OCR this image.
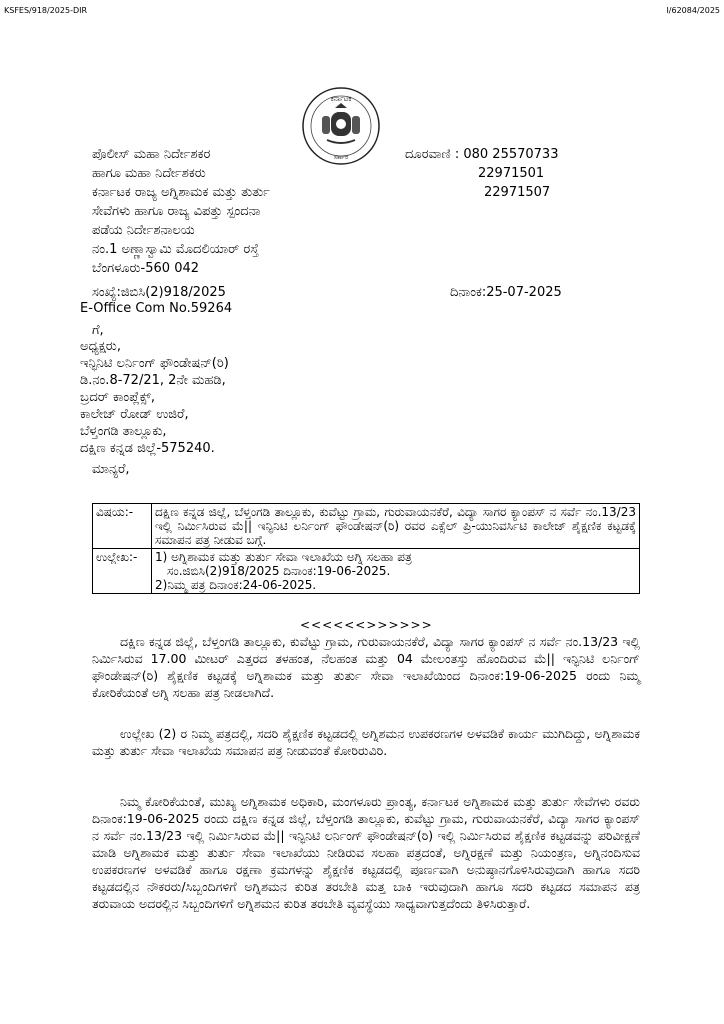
KSFES/918/2025-DIR	I/62084/2025
ಕರ್ನಾಟಕ
ಸರ್ಕಾರ
ಪೊಲೀಸ್ ಮಹಾ ನಿರ್ದೇಶಕರ
ಹಾಗೂ ಮಹಾ ನಿರ್ದೇಶಕರು
ಕರ್ನಾಟಕ ರಾಜ್ಯ ಅಗ್ನಿಶಾಮಕ ಮತ್ತು ತುರ್ತು
ಸೇವೆಗಳು ಹಾಗೂ ರಾಜ್ಯ ವಿಪತ್ತು ಸ್ಪಂದನಾ
ಪಡೆಯ ನಿರ್ದೇಶನಾಲಯ
ನಂ.1 ಅಣ್ಣಾಸ್ವಾಮಿ ಮೊದಲಿಯಾರ್ ರಸ್ತೆ
ಬೆಂಗಳೂರು-560 042
ದೂರವಾಣಿ : 080 25570733
22971501
22971507
ಸಂಖ್ಯೆ:ಜಿಬಿಸಿ(2)918/2025	ದಿನಾಂಕ:25-07-2025
E-Office Com No.59264
ಗೆ,
ಅಧ್ಯಕ್ಷರು,
ಇನ್ಫಿನಿಟಿ ಲರ್ನಿಂಗ್ ಫೌಂಡೇಷನ್(ರಿ)
ಡಿ.ನಂ.8-72/21, 2ನೇ ಮಹಡಿ,
ಬ್ರದರ್ ಕಾಂಪ್ಲೆಕ್ಸ್,
ಕಾಲೇಜ್ ರೋಡ್ ಉಜಿರೆ,
ಬೆಳ್ತಂಗಡಿ ತಾಲ್ಲೂಕು,
ದಕ್ಷಿಣ ಕನ್ನಡ ಜಿಲ್ಲೆ-575240.
ಮಾನ್ಯರೆ,
ವಿಷಯ:-	ದಕ್ಷಿಣ ಕನ್ನಡ ಜಿಲ್ಲೆ, ಬೆಳ್ತಂಗಡಿ ತಾಲ್ಲೂಕು, ಕುವೆಟ್ಟು ಗ್ರಾಮ, ಗುರುವಾಯನಕೆರೆ, ವಿದ್ಯಾ ಸಾಗರ ಕ್ಯಾಂಪಸ್ ನ ಸರ್ವೆ ನಂ.13/23 ಇಲ್ಲಿ ನಿರ್ಮಿಸಿರುವ ಮೆ|| ಇನ್ಫಿನಿಟಿ ಲರ್ನಿಂಗ್ ಫೌಂಡೇಷನ್(ರಿ) ರವರ ಎಕ್ಸೆಲ್ ಪ್ರಿ-ಯುನಿವರ್ಸಿಟಿ ಕಾಲೇಜ್ ಶೈಕ್ಷಣಿಕ ಕಟ್ಟಡಕ್ಕೆ ಸಮಾಪನ ಪತ್ರ ನೀಡುವ ಬಗ್ಗೆ.
ಉಲ್ಲೇಖ:-	1) ಅಗ್ನಿಶಾಮಕ ಮತ್ತು ತುರ್ತು ಸೇವಾ ಇಲಾಖೆಯ ಅಗ್ನಿ ಸಲಹಾ ಪತ್ರ
ಸಂ.ಜಿಬಿಸಿ(2)918/2025 ದಿನಾಂಕ:19-06-2025.
2)ನಿಮ್ಮ ಪತ್ರ ದಿನಾಂಕ:24-06-2025.
<<<<<<>>>>>>

ದಕ್ಷಿಣ ಕನ್ನಡ ಜಿಲ್ಲೆ, ಬೆಳ್ತಂಗಡಿ ತಾಲ್ಲೂಕು, ಕುವೆಟ್ಟು ಗ್ರಾಮ, ಗುರುವಾಯನಕೆರೆ, ವಿದ್ಯಾ ಸಾಗರ ಕ್ಯಾಂಪಸ್ ನ ಸರ್ವೆ ನಂ.13/23 ಇಲ್ಲಿ ನಿರ್ಮಿಸಿರುವ 17.00 ಮೀಟರ್ ಎತ್ತರದ ತಳಹಂತ, ನೆಲಹಂತ ಮತ್ತು 04 ಮೇಲಂತಸ್ತು ಹೊಂದಿರುವ ಮೆ|| ಇನ್ಫಿನಿಟಿ ಲರ್ನಿಂಗ್ ಫೌಂಡೇಷನ್(ರಿ) ಶೈಕ್ಷಣಿಕ ಕಟ್ಟಡಕ್ಕೆ ಅಗ್ನಿಶಾಮಕ ಮತ್ತು ತುರ್ತು ಸೇವಾ ಇಲಾಖೆಯಿಂದ ದಿನಾಂಕ:19-06-2025 ರಂದು ನಿಮ್ಮ ಕೋರಿಕೆಯಂತೆ ಅಗ್ನಿ ಸಲಹಾ ಪತ್ರ ನೀಡಲಾಗಿದೆ.

ಉಲ್ಲೇಖ (2) ರ ನಿಮ್ಮ ಪತ್ರದಲ್ಲಿ, ಸದರಿ ಶೈಕ್ಷಣಿಕ ಕಟ್ಟಡದಲ್ಲಿ ಅಗ್ನಿಶಮನ ಉಪಕರಣಗಳ ಅಳವಡಿಕೆ ಕಾರ್ಯ ಮುಗಿದಿದ್ದು, ಅಗ್ನಿಶಾಮಕ ಮತ್ತು ತುರ್ತು ಸೇವಾ ಇಲಾಖೆಯ ಸಮಾಪನ ಪತ್ರ ನೀಡುವಂತೆ ಕೋರಿರುವಿರಿ.

ನಿಮ್ಮ ಕೋರಿಕೆಯಂತೆ, ಮುಖ್ಯ ಅಗ್ನಿಶಾಮಕ ಅಧಿಕಾರಿ, ಮಂಗಳೂರು ಪ್ರಾಂತ್ಯ, ಕರ್ನಾಟಕ ಅಗ್ನಿಶಾಮಕ ಮತ್ತು ತುರ್ತು ಸೇವೆಗಳು ರವರು ದಿನಾಂಕ:19-06-2025 ರಂದು ದಕ್ಷಿಣ ಕನ್ನಡ ಜಿಲ್ಲೆ, ಬೆಳ್ತಂಗಡಿ ತಾಲ್ಲೂಕು, ಕುವೆಟ್ಟು ಗ್ರಾಮ, ಗುರುವಾಯನಕೆರೆ, ವಿದ್ಯಾ ಸಾಗರ ಕ್ಯಾಂಪಸ್ ನ ಸರ್ವೆ ನಂ.13/23 ಇಲ್ಲಿ ನಿರ್ಮಿಸಿರುವ ಮೆ|| ಇನ್ಫಿನಿಟಿ ಲರ್ನಿಂಗ್ ಫೌಂಡೇಷನ್(ರಿ) ಇಲ್ಲಿ ನಿರ್ಮಿಸಿರುವ ಶೈಕ್ಷಣಿಕ ಕಟ್ಟಡವನ್ನು ಪರಿವೀಕ್ಷಣೆ ಮಾಡಿ ಅಗ್ನಿಶಾಮಕ ಮತ್ತು ತುರ್ತು ಸೇವಾ ಇಲಾಖೆಯು ನೀಡಿರುವ ಸಲಹಾ ಪತ್ರದಂತೆ, ಅಗ್ನಿರಕ್ಷಣೆ ಮತ್ತು ನಿಯಂತ್ರಣ, ಅಗ್ನಿನಂದಿಸುವ ಉಪಕರಣಗಳ ಅಳವಡಿಕೆ ಹಾಗೂ ರಕ್ಷಣಾ ಕ್ರಮಗಳನ್ನು ಶೈಕ್ಷಣಿಕ ಕಟ್ಟಡದಲ್ಲಿ ಪೂರ್ಣವಾಗಿ ಅನುಷ್ಠಾನಗೊಳಿಸಿರುವುದಾಗಿ ಹಾಗೂ ಸದರಿ ಕಟ್ಟಡದಲ್ಲಿನ ನೌಕರರು/ಸಿಬ್ಬಂದಿಗಳಿಗೆ ಅಗ್ನಿಶಮನ ಕುರಿತ ತರಬೇತಿ ಮತ್ತ ಬಾಕಿ ಇರುವುದಾಗಿ ಹಾಗೂ ಸದರಿ ಕಟ್ಟಡದ ಸಮಾಪನ ಪತ್ರ ತರುವಾಯ ಅದರಲ್ಲಿನ ಸಿಬ್ಬಂದಿಗಳಿಗೆ ಅಗ್ನಿಶಮನ ಕುರಿತ ತರಬೇತಿ ವ್ಯವಸ್ಥೆಯು ಸಾಧ್ಯವಾಗುತ್ತದೆಂದು ತಿಳಿಸಿರುತ್ತಾರೆ.
